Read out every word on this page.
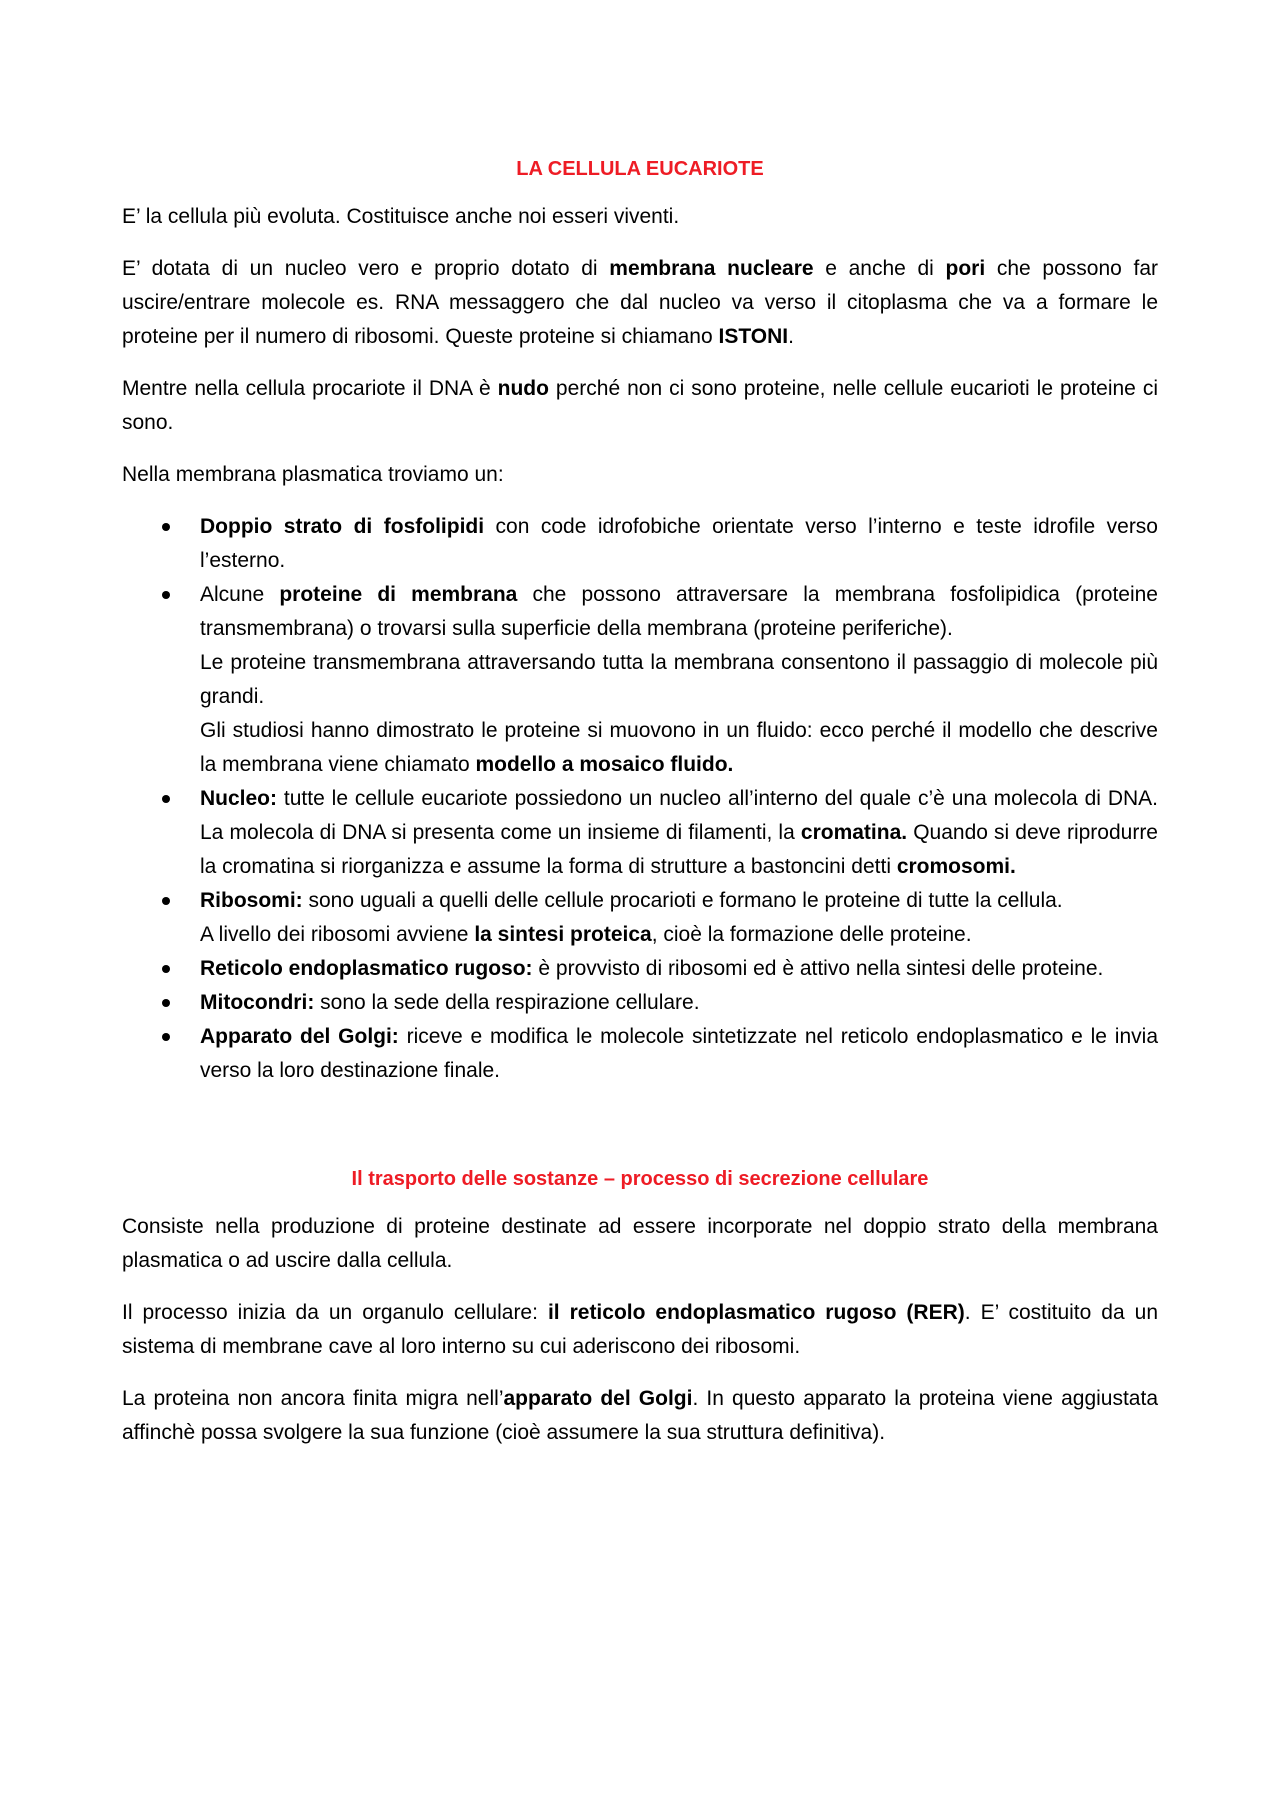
LA CELLULA EUCARIOTE

E’ la cellula più evoluta. Costituisce anche noi esseri viventi.

E’ dotata di un nucleo vero e proprio dotato di membrana nucleare e anche di pori che possono far uscire/entrare molecole es. RNA messaggero che dal nucleo va verso il citoplasma che va a formare le proteine per il numero di ribosomi. Queste proteine si chiamano ISTONI.

Mentre nella cellula procariote il DNA è nudo perché non ci sono proteine, nelle cellule eucarioti le proteine ci sono.

Nella membrana plasmatica troviamo un:

Doppio strato di fosfolipidi con code idrofobiche orientate verso l’interno e teste idrofile verso l’esterno.
Alcune proteine di membrana che possono attraversare la membrana fosfolipidica (proteine transmembrana) o trovarsi sulla superficie della membrana (proteine periferiche).
Le proteine transmembrana attraversando tutta la membrana consentono il passaggio di molecole più grandi.
Gli studiosi hanno dimostrato le proteine si muovono in un fluido: ecco perché il modello che descrive la membrana viene chiamato modello a mosaico fluido.
Nucleo: tutte le cellule eucariote possiedono un nucleo all’interno del quale c’è una molecola di DNA. La molecola di DNA si presenta come un insieme di filamenti, la cromatina. Quando si deve riprodurre la cromatina si riorganizza e assume la forma di strutture a bastoncini detti cromosomi.
Ribosomi: sono uguali a quelli delle cellule procarioti e formano le proteine di tutte la cellula.
A livello dei ribosomi avviene la sintesi proteica, cioè la formazione delle proteine.
Reticolo endoplasmatico rugoso: è provvisto di ribosomi ed è attivo nella sintesi delle proteine.
Mitocondri: sono la sede della respirazione cellulare.
Apparato del Golgi: riceve e modifica le molecole sintetizzate nel reticolo endoplasmatico e le invia verso la loro destinazione finale.
Il trasporto delle sostanze – processo di secrezione cellulare

Consiste nella produzione di proteine destinate ad essere incorporate nel doppio strato della membrana plasmatica o ad uscire dalla cellula.

Il processo inizia da un organulo cellulare: il reticolo endoplasmatico rugoso (RER). E’ costituito da un sistema di membrane cave al loro interno su cui aderiscono dei ribosomi.

La proteina non ancora finita migra nell’apparato del Golgi. In questo apparato la proteina viene aggiustata affinchè possa svolgere la sua funzione (cioè assumere la sua struttura definitiva).
